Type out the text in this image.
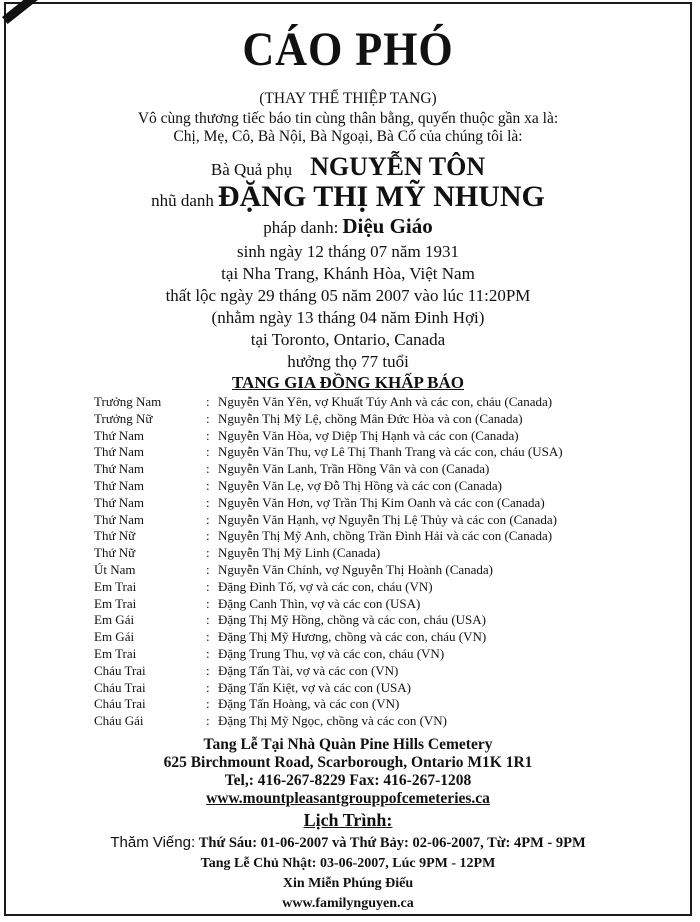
CÁO PHÓ
(THAY THẾ THIỆP TANG)
Vô cùng thương tiếc báo tin cùng thân bằng, quyến thuộc gần xa là:
Chị, Mẹ, Cô, Bà Nội, Bà Ngoại, Bà Cố của chúng tôi là:
Bà Quả phụ NGUYỄN TÔN
nhũ danh ĐẶNG THỊ MỸ NHUNG
pháp danh: Diệu Giáo
sinh ngày 12 tháng 07 năm 1931
tại Nha Trang, Khánh Hòa, Việt Nam
thất lộc ngày 29 tháng 05 năm 2007 vào lúc 11:20PM
(nhằm ngày 13 tháng 04 năm Đinh Hợi)
tại Toronto, Ontario, Canada
hưởng thọ 77 tuổi
TANG GIA ĐỒNG KHẤP BÁO
Trưởng Nam	: Nguyễn Văn Yên, vợ Khuất Túy Anh và các con, cháu (Canada)
Trưởng Nữ	: Nguyễn Thị Mỹ Lệ, chồng Mân Đức Hòa và con (Canada)
Thứ Nam	: Nguyễn Văn Hòa, vợ Diệp Thị Hạnh và các con (Canada)
Thứ Nam	: Nguyễn Văn Thu, vợ Lê Thị Thanh Trang và các con, cháu (USA)
Thứ Nam	: Nguyễn Văn Lanh, Trần Hồng Vân và con (Canada)
Thứ Nam	: Nguyễn Văn Lẹ, vợ Đỗ Thị Hồng và các con (Canada)
Thứ Nam	: Nguyễn Văn Hơn, vợ Trần Thị Kim Oanh và các con (Canada)
Thứ Nam	: Nguyễn Văn Hạnh, vợ Nguyễn Thị Lệ Thủy và các con (Canada)
Thứ Nữ	: Nguyễn Thị Mỹ Anh, chồng Trần Đình Hải và các con (Canada)
Thứ Nữ	: Nguyễn Thị Mỹ Linh (Canada)
Út Nam	: Nguyễn Văn Chính, vợ Nguyễn Thị Hoành (Canada)
Em Trai	: Đặng Đình Tố, vợ và các con, cháu (VN)
Em Trai	: Đặng Canh Thìn, vợ và các con (USA)
Em Gái	: Đặng Thị Mỹ Hồng, chồng và các con, cháu (USA)
Em Gái	: Đặng Thị Mỹ Hương, chồng và các con, cháu (VN)
Em Trai	: Đặng Trung Thu, vợ và các con, cháu (VN)
Cháu Trai	: Đặng Tấn Tài, vợ và các con (VN)
Cháu Trai	: Đặng Tấn Kiệt, vợ và các con (USA)
Cháu Trai	: Đặng Tấn Hoàng, và các con (VN)
Cháu Gái	: Đặng Thị Mỹ Ngọc, chồng và các con (VN)
Tang Lễ Tại Nhà Quàn Pine Hills Cemetery
625 Birchmount Road, Scarborough, Ontario M1K 1R1
Tel,: 416-267-8229 Fax: 416-267-1208
www.mountpleasantgrouppofcemeteries.ca
Lịch Trình:
Thăm Viếng: Thứ Sáu: 01-06-2007 và Thứ Bảy: 02-06-2007, Từ: 4PM - 9PM
Tang Lễ Chủ Nhật: 03-06-2007, Lúc 9PM - 12PM
Xin Miễn Phúng Điếu
www.familynguyen.ca
